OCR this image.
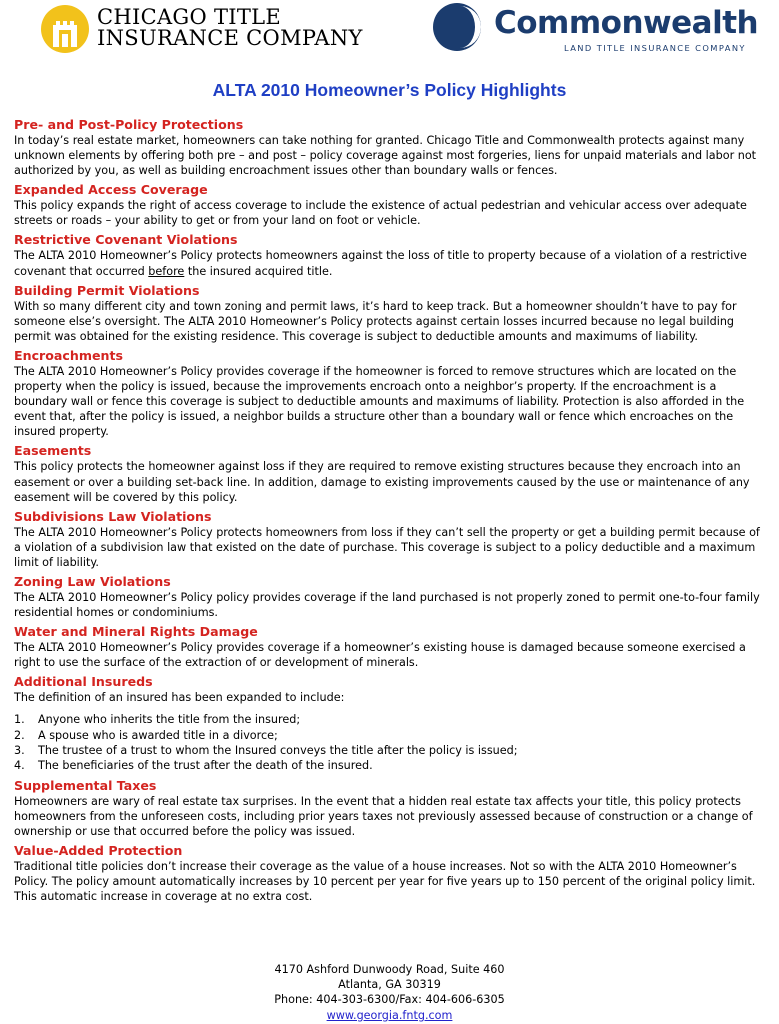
CHICAGO TITLE
INSURANCE COMPANY	Commonwealth
LAND TITLE INSURANCE COMPANY
ALTA 2010 Homeowner’s Policy Highlights
Pre- and Post-Policy Protections
In today’s real estate market, homeowners can take nothing for granted. Chicago Title and Commonwealth protects against many unknown elements by offering both pre – and post – policy coverage against most forgeries, liens for unpaid materials and labor not authorized by you, as well as building encroachment issues other than boundary walls or fences.
Expanded Access Coverage
This policy expands the right of access coverage to include the existence of actual pedestrian and vehicular access over adequate streets or roads – your ability to get or from your land on foot or vehicle.
Restrictive Covenant Violations
The ALTA 2010 Homeowner’s Policy protects homeowners against the loss of title to property because of a violation of a restrictive covenant that occurred before the insured acquired title.
Building Permit Violations
With so many different city and town zoning and permit laws, it’s hard to keep track. But a homeowner shouldn’t have to pay for someone else’s oversight. The ALTA 2010 Homeowner’s Policy protects against certain losses incurred because no legal building permit was obtained for the existing residence. This coverage is subject to deductible amounts and maximums of liability.
Encroachments
The ALTA 2010 Homeowner’s Policy provides coverage if the homeowner is forced to remove structures which are located on the property when the policy is issued, because the improvements encroach onto a neighbor’s property. If the encroachment is a boundary wall or fence this coverage is subject to deductible amounts and maximums of liability. Protection is also afforded in the event that, after the policy is issued, a neighbor builds a structure other than a boundary wall or fence which encroaches on the insured property.
Easements
This policy protects the homeowner against loss if they are required to remove existing structures because they encroach into an easement or over a building set-back line. In addition, damage to existing improvements caused by the use or maintenance of any easement will be covered by this policy.
Subdivisions Law Violations
The ALTA 2010 Homeowner’s Policy protects homeowners from loss if they can’t sell the property or get a building permit because of a violation of a subdivision law that existed on the date of purchase. This coverage is subject to a policy deductible and a maximum limit of liability.
Zoning Law Violations
The ALTA 2010 Homeowner’s Policy policy provides coverage if the land purchased is not properly zoned to permit one-to-four family residential homes or condominiums.
Water and Mineral Rights Damage
The ALTA 2010 Homeowner’s Policy provides coverage if a homeowner’s existing house is damaged because someone exercised a right to use the surface of the extraction of or development of minerals.
Additional Insureds
The definition of an insured has been expanded to include:
1. Anyone who inherits the title from the insured;
2. A spouse who is awarded title in a divorce;
3. The trustee of a trust to whom the Insured conveys the title after the policy is issued;
4. The beneficiaries of the trust after the death of the insured.
Supplemental Taxes
Homeowners are wary of real estate tax surprises. In the event that a hidden real estate tax affects your title, this policy protects homeowners from the unforeseen costs, including prior years taxes not previously assessed because of construction or a change of ownership or use that occurred before the policy was issued.
Value-Added Protection
Traditional title policies don’t increase their coverage as the value of a house increases. Not so with the ALTA 2010 Homeowner’s Policy. The policy amount automatically increases by 10 percent per year for five years up to 150 percent of the original policy limit. This automatic increase in coverage at no extra cost.
4170 Ashford Dunwoody Road, Suite 460
Atlanta, GA 30319
Phone: 404-303-6300/Fax: 404-606-6305
www.georgia.fntg.com
